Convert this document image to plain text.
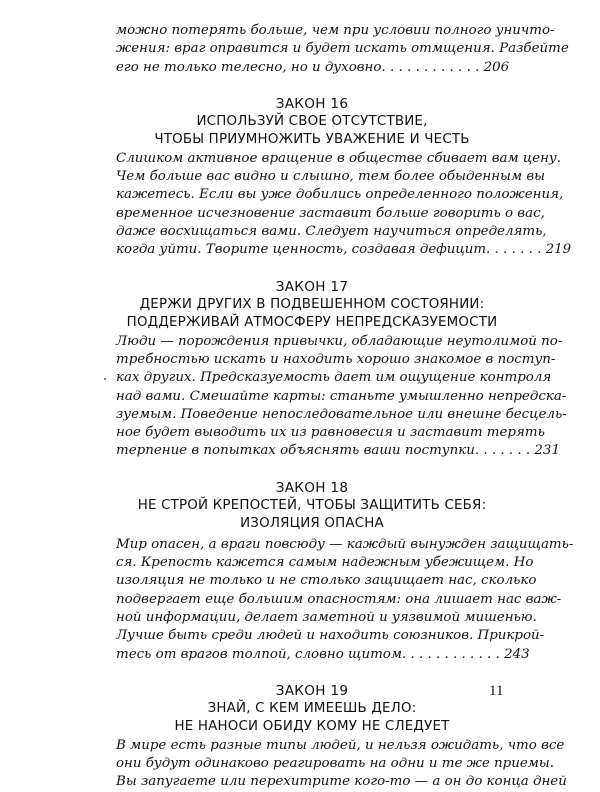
можно потерять больше, чем при условии полного уничто-
жения: враг оправится и будет искать отмщения. Разбейте
его не только телесно, но и духовно. . . . . . . . . . . . 206
ЗАКОН 16
ИСПОЛЬЗУЙ СВОЕ ОТСУТСТВИЕ,
ЧТОБЫ ПРИУМНОЖИТЬ УВАЖЕНИЕ И ЧЕСТЬ
Слишком активное вращение в обществе сбивает вам цену.
Чем больше вас видно и слышно, тем более обыденным вы
кажетесь. Если вы уже добились определенного положения,
временное исчезновение заставит больше говорить о вас,
даже восхищаться вами. Следует научиться определять,
когда уйти. Творите ценность, создавая дефицит. . . . . . . 219
ЗАКОН 17
ДЕРЖИ ДРУГИХ В ПОДВЕШЕННОМ СОСТОЯНИИ:
ПОДДЕРЖИВАЙ АТМОСФЕРУ НЕПРЕДСКАЗУЕМОСТИ
Люди — порождения привычки, обладающие неутолимой по-
требностью искать и находить хорошо знакомое в поступ-
ках других. Предсказуемость дает им ощущение контроля
над вами. Смешайте карты: станьте умышленно непредска-
зуемым. Поведение непоследовательное или внешне бесцель-
ное будет выводить их из равновесия и заставит терять
терпение в попытках объяснять ваши поступки. . . . . . . 231
ЗАКОН 18
НЕ СТРОЙ КРЕПОСТЕЙ, ЧТОБЫ ЗАЩИТИТЬ СЕБЯ:
ИЗОЛЯЦИЯ ОПАСНА
Мир опасен, а враги повсюду — каждый вынужден защищать-
ся. Крепость кажется самым надежным убежищем. Но
изоляция не только и не столько защищает нас, сколько
подвергает еще большим опасностям: она лишает нас важ-
ной информации, делает заметной и уязвимой мишенью.
Лучше быть среди людей и находить союзников. Прикрой-
тесь от врагов толпой, словно щитом. . . . . . . . . . . . 243
ЗАКОН 19
ЗНАЙ, С КЕМ ИМЕЕШЬ ДЕЛО:
НЕ НАНОСИ ОБИДУ КОМУ НЕ СЛЕДУЕТ
В мире есть разные типы людей, и нельзя ожидать, что все
они будут одинаково реагировать на одни и те же приемы.
Вы запугаете или перехитрите кого-то — а он до конца дней
11
